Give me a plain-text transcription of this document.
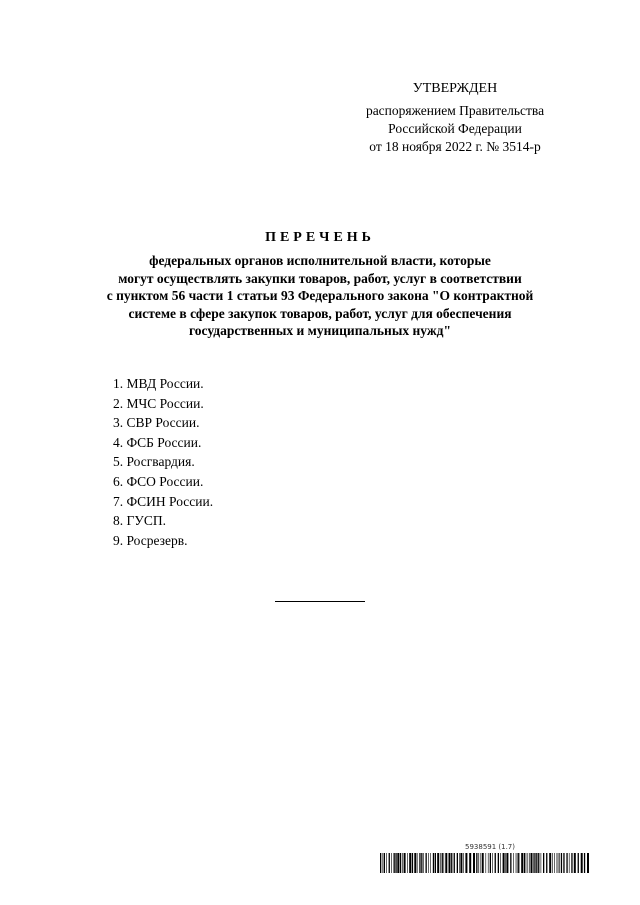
УТВЕРЖДЕН
распоряжением Правительства
Российской Федерации
от 18 ноября 2022 г. № 3514-р
ПЕРЕЧЕНЬ
федеральных органов исполнительной власти, которые
могут осуществлять закупки товаров, работ, услуг в соответствии
с пунктом 56 части 1 статьи 93 Федерального закона "О контрактной
системе в сфере закупок товаров, работ, услуг для обеспечения
государственных и муниципальных нужд"
1. МВД России.
2. МЧС России.
3. СВР России.
4. ФСБ России.
5. Росгвардия.
6. ФСО России.
7. ФСИН России.
8. ГУСП.
9. Росрезерв.
5938591 (1.7)
